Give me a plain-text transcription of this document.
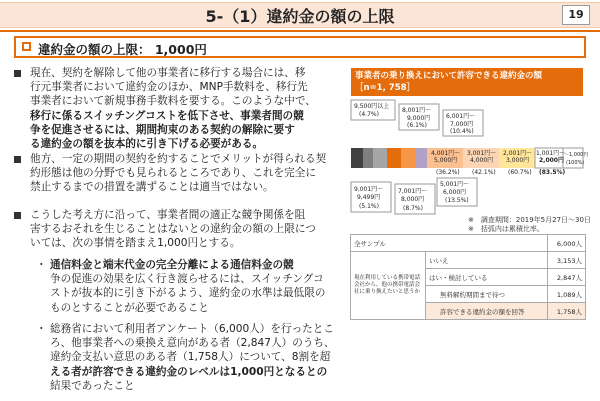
5-（1）違約金の額の上限	19
違約金の額の上限： 1,000円
現在、契約を解除して他の事業者に移行する場合には、移
行元事業者において違約金のほか、MNP手数料を、移行先
事業者において新規事務手数料を要する。このような中で、
移行に係るスイッチングコストを低下させ、事業者間の競
争を促進させるには、期間拘束のある契約の解除に要す
る違約金の額を抜本的に引き下げる必要がある。
他方、一定の期間の契約を約することでメリットが得られる契
約形態は他の分野でも見られるところであり、これを完全に
禁止するまでの措置を講ずることは適当ではない。
こうした考え方に沿って、事業者間の適正な競争関係を阻
害するおそれを生じることはないとの違約金の額の上限につ
いては、次の事情を踏まえ1,000円とする。
・ 通信料金と端末代金の完全分離による通信料金の競
争の促進の効果を広く行き渡らせるには、スイッチングコ
ストが抜本的に引き下がるよう、違約金の水準は最低限の
ものとすることが必要であること
・ 総務省において利用者アンケート（6,000人）を行ったとこ
ろ、他事業者への乗換え意向がある者（2,847人）のうち、
違約金支払い意思のある者（1,758人）について、8割を超
える者が許容できる違約金のレベルは1,000円となるとの
結果であったこと
事業者の乗り換えにおいて許容できる違約金の額
［n=1, 758］
9,500円以上
(4.7%)
8,001円～
9,000円
(6.1%)
6,001円～
7,000円
(10.4%)
4,001円～
5,000円
(36.2%)
3,001円～
4,000円
(42.1%)
2,001円～
3,000円
(60.7%)
1,001円～
2,000円
(83.5%)
～1,000円
(100%)
9,001円～
9,499円
(5.1%)
7,001円～
8,000円
(8.7%)
5,001円～
6,000円
(13.5%)
※　調査期間：2019年5月27日～30日
※　括弧内は累積比率。
全サンプル		6,000人
現在利用している携帯電話会社から、他の携帯電話会社に乗り換えたいと思うか	いいえ	3,153人
	はい・検討している	2,847人
	無料解約期間まで待つ	1,089人
	許容できる違約金の額を回答	1,758人
